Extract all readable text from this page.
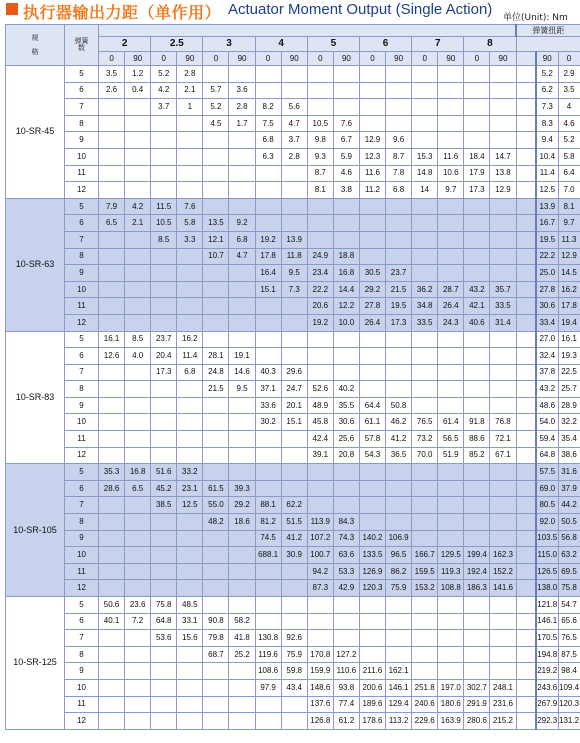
执行器输出力距（单作用） Actuator Moment Output (Single Action) 单位(Unit): Nm
规

格	弹簧
数																	弹簧扭距		
		2		2.5		3		4		5		6		7		8				
		0	90	0	90	0	90	0	90	0	90	0	90	0	90	0	90		90	0
10-SR-45	5	3.5	1.2	5.2	2.8														5.2	2.9
	6	2.6	0.4	4.2	2.1	5.7	3.6												6.2	3.5
	7			3.7	1	5.2	2.8	8.2	5.6										7.3	4
	8					4.5	1.7	7.5	4.7	10.5	7.6								8.3	4.6
	9							6.8	3.7	9.8	6.7	12.9	9.6						9.4	5.2
	10							6.3	2.8	9.3	5.9	12.3	8.7	15.3	11.6	18.4	14.7		10.4	5.8
	11									8.7	4.6	11.6	7.8	14.8	10.6	17.9	13.8		11.4	6.4
	12									8.1	3.8	11.2	6.8	14	9.7	17.3	12.9		12.5	7.0
10-SR-63	5	7.9	4.2	11.5	7.6														13.9	8.1
	6	6.5	2.1	10.5	5.8	13.5	9.2												16.7	9.7
	7			8.5	3.3	12.1	6.8	19.2	13.9										19.5	11.3
	8					10.7	4.7	17.8	11.8	24.9	18.8								22.2	12.9
	9							16.4	9.5	23.4	16.8	30.5	23.7						25.0	14.5
	10							15.1	7.3	22.2	14.4	29.2	21.5	36.2	28.7	43.2	35.7		27.8	16.2
	11									20.6	12.2	27.8	19.5	34.8	26.4	42.1	33.5		30.6	17.8
	12									19.2	10.0	26.4	17.3	33.5	24.3	40.6	31.4		33.4	19.4
10-SR-83	5	16.1	8.5	23.7	16.2														27.0	16.1
	6	12.6	4.0	20.4	11.4	28.1	19.1												32.4	19.3
	7			17.3	6.8	24.8	14.6	40.3	29.6										37.8	22.5
	8					21.5	9.5	37.1	24.7	52.6	40.2								43.2	25.7
	9							33.6	20.1	48.9	35.5	64.4	50.8						48.6	28.9
	10							30.2	15.1	45.8	30.6	61.1	46.2	76.5	61.4	91.8	76.8		54.0	32.2
	11									42.4	25.6	57.8	41.2	73.2	56.5	88.6	72.1		59.4	35.4
	12									39.1	20.8	54.3	36.5	70.0	51.9	85.2	67.1		64.8	38.6
10-SR-105	5	35.3	16.8	51.6	33.2														57.5	31.6
	6	28.6	6.5	45.2	23.1	61.5	39.3												69.0	37.9
	7			38.5	12.5	55.0	29.2	88.1	62.2										80.5	44.2
	8					48.2	18.6	81.2	51.5	113.9	84.3								92.0	50.5
	9							74.5	41.2	107.2	74.3	140.2	106.9						103.5	56.8
	10							688.1	30.9	100.7	63.6	133.5	96.5	166.7	129.5	199.4	162.3		115.0	63.2
	11									94.2	53.3	126.9	86.2	159.5	119.3	192.4	152.2		126.5	69.5
	12									87.3	42.9	120.3	75.9	153.2	108.8	186.3	141.6		138.0	75.8
10-SR-125	5	50.6	23.6	75.8	48.5														121.8	54.7
	6	40.1	7.2	64.8	33.1	90.8	58.2												146.1	65.6
	7			53.6	15.6	79.8	41.8	130.8	92.6										170.5	76.5
	8					68.7	25.2	119.6	75.9	170.8	127.2								194.8	87.5
	9							108.6	59.8	159.9	110.6	211.6	162.1						219.2	98.4
	10							97.9	43.4	148.6	93.8	200.6	146.1	251.8	197.0	302.7	248.1		243.6	109.4
	11									137.6	77.4	189.6	129.4	240.6	180.6	291.9	231.6		267.9	120.3
	12									126.8	61.2	178.6	113.2	229.6	163.9	280.6	215.2		292.3	131.2
